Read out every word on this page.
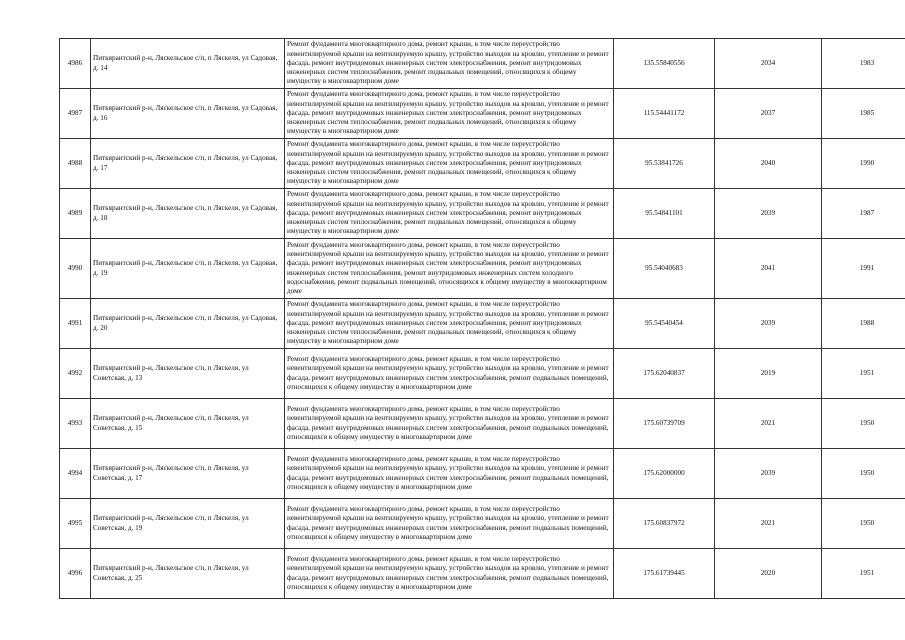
4986	Питкярантский р-н, Ляскельское с/п, п Ляскеля, ул Садовая, д. 14	Ремонт фундамента многоквартирного дома, ремонт крыши, в том числе переустройство невентилируемой крыши на вентилируемую крышу, устройство выходов на кровлю, утепление и ремонт фасада, ремонт внутридомовых инженерных систем электроснабжения, ремонт внутридомовых инженерных систем теплоснабжения, ремонт подвальных помещений, относящихся к общему имуществу в многоквартирном доме	135.55840556	2034	1983
4987	Питкярантский р-н, Ляскельское с/п, п Ляскеля, ул Садовая, д. 16	Ремонт фундамента многоквартирного дома, ремонт крыши, в том числе переустройство невентилируемой крыши на вентилируемую крышу, устройство выходов на кровлю, утепление и ремонт фасада, ремонт внутридомовых инженерных систем электроснабжения, ремонт внутридомовых инженерных систем теплоснабжения, ремонт подвальных помещений, относящихся к общему имуществу в многоквартирном доме	115.54441172	2037	1985
4988	Питкярантский р-н, Ляскельское с/п, п Ляскеля, ул Садовая, д. 17	Ремонт фундамента многоквартирного дома, ремонт крыши, в том числе переустройство невентилируемой крыши на вентилируемую крышу, устройство выходов на кровлю, утепление и ремонт фасада, ремонт внутридомовых инженерных систем электроснабжения, ремонт внутридомовых инженерных систем теплоснабжения, ремонт подвальных помещений, относящихся к общему имуществу в многоквартирном доме	95.53841726	2040	1990
4989	Питкярантский р-н, Ляскельское с/п, п Ляскеля, ул Садовая, д. 18	Ремонт фундамента многоквартирного дома, ремонт крыши, в том числе переустройство невентилируемой крыши на вентилируемую крышу, устройство выходов на кровлю, утепление и ремонт фасада, ремонт внутридомовых инженерных систем электроснабжения, ремонт внутридомовых инженерных систем теплоснабжения, ремонт подвальных помещений, относящихся к общему имуществу в многоквартирном доме	95.54841101	2039	1987
4990	Питкярантский р-н, Ляскельское с/п, п Ляскеля, ул Садовая, д. 19	Ремонт фундамента многоквартирного дома, ремонт крыши, в том числе переустройство невентилируемой крыши на вентилируемую крышу, устройство выходов на кровлю, утепление и ремонт фасада, ремонт внутридомовых инженерных систем электроснабжения, ремонт внутридомовых инженерных систем теплоснабжения, ремонт внутридомовых инженерных систем холодного водоснабжения, ремонт подвальных помещений, относящихся к общему имуществу в многоквартирном доме	95.54040683	2041	1991
4991	Питкярантский р-н, Ляскельское с/п, п Ляскеля, ул Садовая, д. 20	Ремонт фундамента многоквартирного дома, ремонт крыши, в том числе переустройство невентилируемой крыши на вентилируемую крышу, устройство выходов на кровлю, утепление и ремонт фасада, ремонт внутридомовых инженерных систем электроснабжения, ремонт внутридомовых инженерных систем теплоснабжения, ремонт подвальных помещений, относящихся к общему имуществу в многоквартирном доме	95.54540454	2039	1988
4992	Питкярантский р-н, Ляскельское с/п, п Ляскеля, ул Советская, д. 13	Ремонт фундамента многоквартирного дома, ремонт крыши, в том числе переустройство невентилируемой крыши на вентилируемую крышу, устройство выходов на кровлю, утепление и ремонт фасада, ремонт внутридомовых инженерных систем электроснабжения, ремонт подвальных помещений, относящихся к общему имуществу в многоквартирном доме	175.62040837	2019	1951
4993	Питкярантский р-н, Ляскельское с/п, п Ляскеля, ул Советская, д. 15	Ремонт фундамента многоквартирного дома, ремонт крыши, в том числе переустройство невентилируемой крыши на вентилируемую крышу, устройство выходов на кровлю, утепление и ремонт фасада, ремонт внутридомовых инженерных систем электроснабжения, ремонт подвальных помещений, относящихся к общему имуществу в многоквартирном доме	175.60739709	2021	1950
4994	Питкярантский р-н, Ляскельское с/п, п Ляскеля, ул Советская, д. 17	Ремонт фундамента многоквартирного дома, ремонт крыши, в том числе переустройство невентилируемой крыши на вентилируемую крышу, устройство выходов на кровлю, утепление и ремонт фасада, ремонт внутридомовых инженерных систем электроснабжения, ремонт подвальных помещений, относящихся к общему имуществу в многоквартирном доме	175.62000000	2039	1950
4995	Питкярантский р-н, Ляскельское с/п, п Ляскеля, ул Советская, д. 19	Ремонт фундамента многоквартирного дома, ремонт крыши, в том числе переустройство невентилируемой крыши на вентилируемую крышу, устройство выходов на кровлю, утепление и ремонт фасада, ремонт внутридомовых инженерных систем электроснабжения, ремонт подвальных помещений, относящихся к общему имуществу в многоквартирном доме	175.60837972	2021	1950
4996	Питкярантский р-н, Ляскельское с/п, п Ляскеля, ул Советская, д. 25	Ремонт фундамента многоквартирного дома, ремонт крыши, в том числе переустройство невентилируемой крыши на вентилируемую крышу, устройство выходов на кровлю, утепление и ремонт фасада, ремонт внутридомовых инженерных систем электроснабжения, ремонт подвальных помещений, относящихся к общему имуществу в многоквартирном доме	175.61739445	2020	1951
